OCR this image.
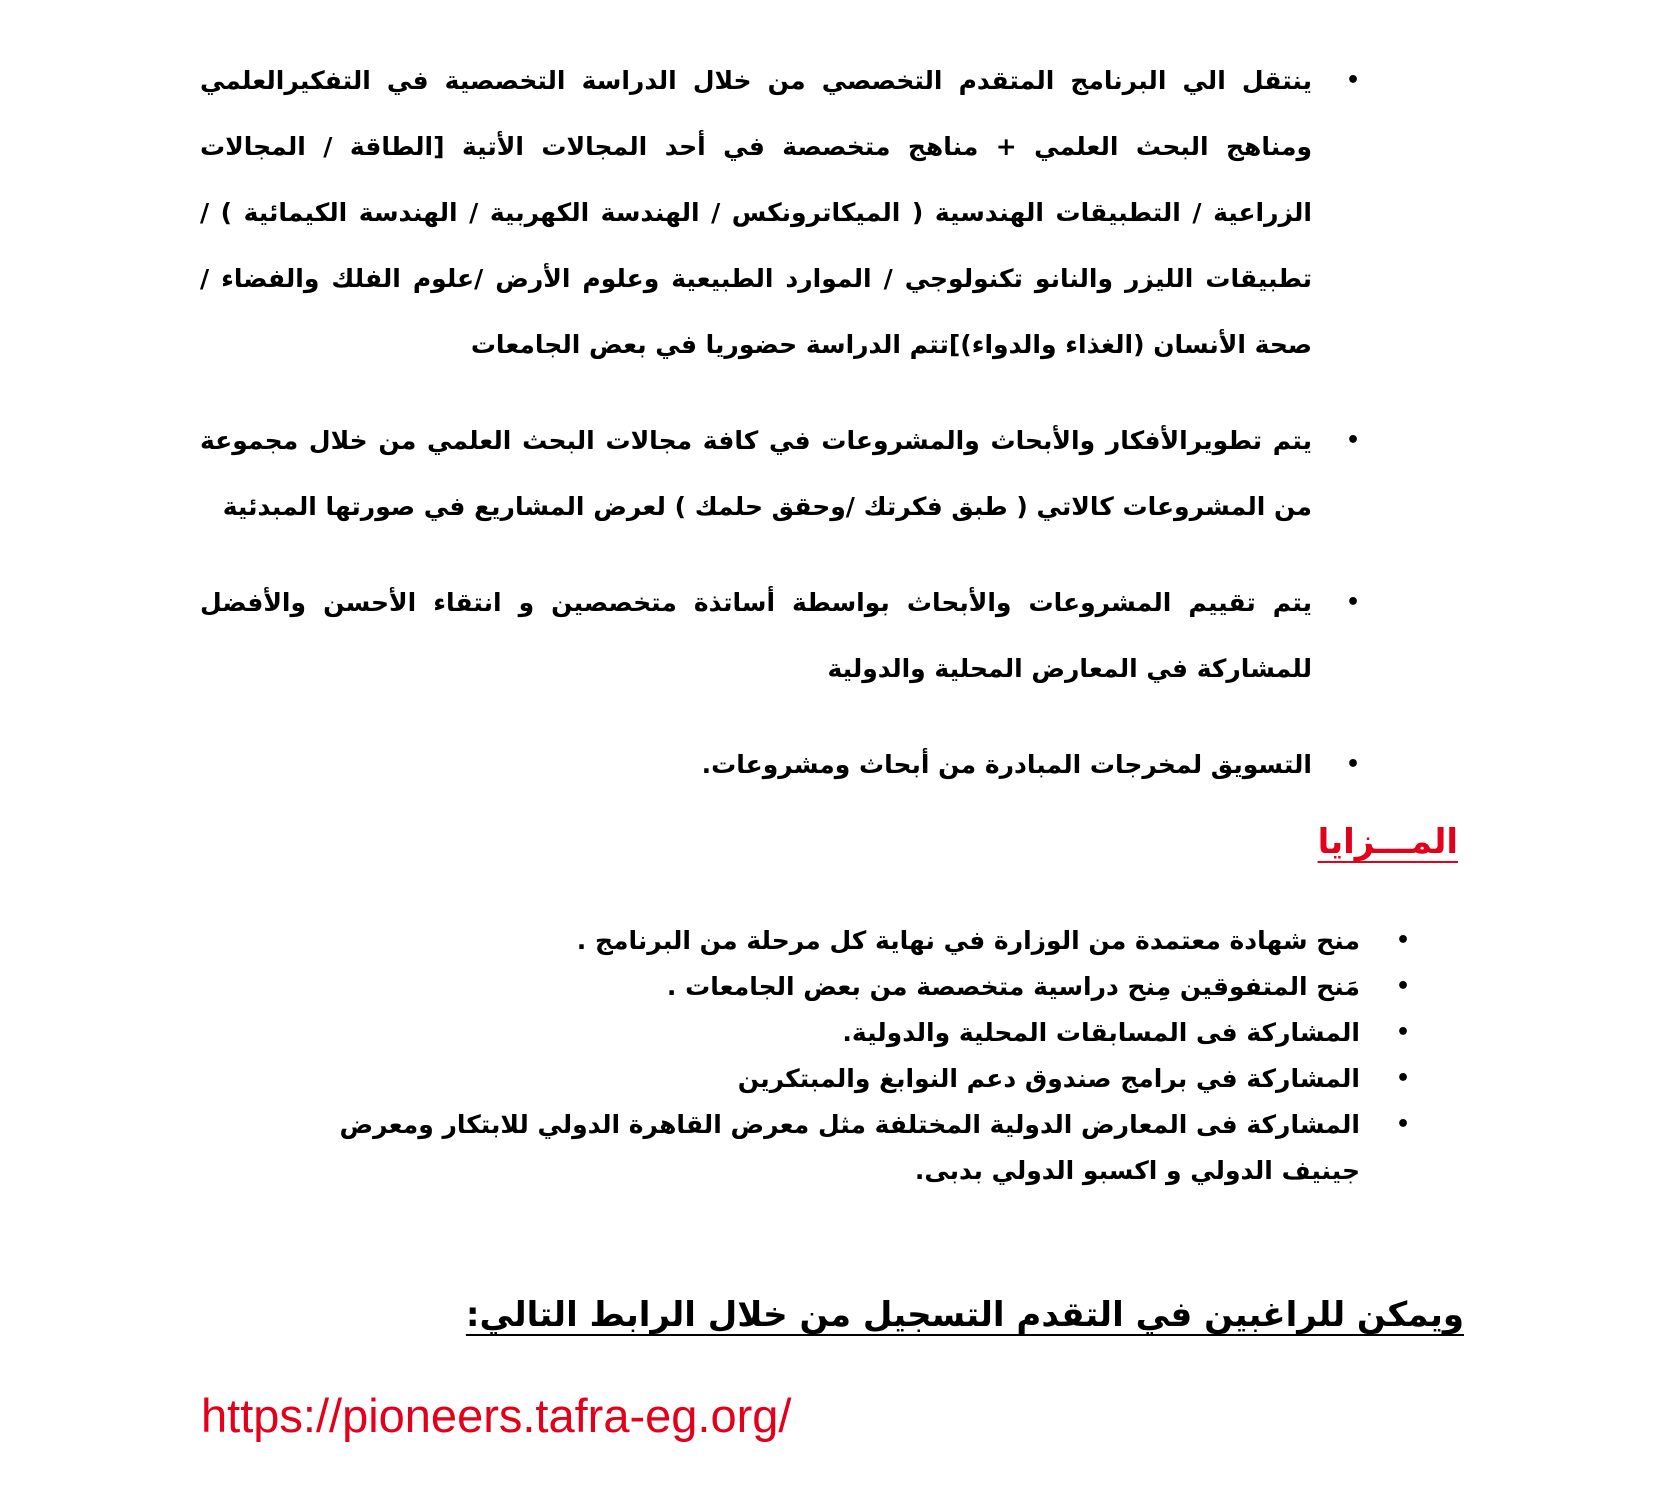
•
ينتقل الي البرنامج المتقدم التخصصي من خلال الدراسة التخصصية في التفكيرالعلمي ومناهج البحث العلمي + مناهج متخصصة في أحد المجالات الأتية [الطاقة / المجالات الزراعية / التطبيقات الهندسية ( الميكاترونكس / الهندسة الكهربية / الهندسة الكيمائية ) /تطبيقات الليزر والنانو تكنولوجي / الموارد الطبيعية وعلوم الأرض /علوم الفلك والفضاء / صحة الأنسان (الغذاء والدواء)]تتم الدراسة حضوريا في بعض الجامعات
•
يتم تطويرالأفكار والأبحاث والمشروعات في كافة مجالات البحث العلمي من خلال مجموعة من المشروعات كالاتي ( طبق فكرتك /وحقق حلمك ) لعرض المشاريع في صورتها المبدئية
•
يتم تقييم المشروعات والأبحاث بواسطة أساتذة متخصصين و انتقاء الأحسن والأفضل للمشاركة في المعارض المحلية والدولية
•
التسويق لمخرجات المبادرة من أبحاث ومشروعات.
المـــزايا
•
منح شهادة معتمدة من الوزارة في نهاية كل مرحلة من البرنامج .
•
مَنح المتفوقين مِنح دراسية متخصصة من بعض الجامعات .
•
المشاركة فى المسابقات المحلية والدولية.
•
المشاركة في برامج صندوق دعم النوابغ والمبتكرين
•
المشاركة فى المعارض الدولية المختلفة مثل معرض القاهرة الدولي للابتكار ومعرض جينيف الدولي و اكسبو الدولي بدبى.

ويمكن للراغبين في التقدم التسجيل من خلال الرابط التالي:

https://pioneers.tafra-eg.org/
